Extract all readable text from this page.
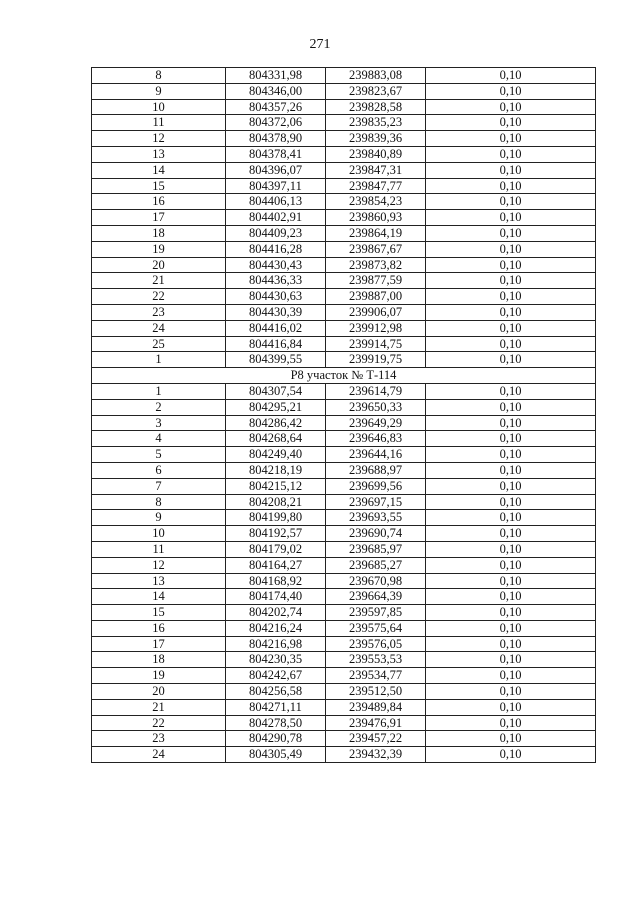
271
8	804331,98	239883,08	0,10
9	804346,00	239823,67	0,10
10	804357,26	239828,58	0,10
11	804372,06	239835,23	0,10
12	804378,90	239839,36	0,10
13	804378,41	239840,89	0,10
14	804396,07	239847,31	0,10
15	804397,11	239847,77	0,10
16	804406,13	239854,23	0,10
17	804402,91	239860,93	0,10
18	804409,23	239864,19	0,10
19	804416,28	239867,67	0,10
20	804430,43	239873,82	0,10
21	804436,33	239877,59	0,10
22	804430,63	239887,00	0,10
23	804430,39	239906,07	0,10
24	804416,02	239912,98	0,10
25	804416,84	239914,75	0,10
1	804399,55	239919,75	0,10
P8 участок № Т-114			
1	804307,54	239614,79	0,10
2	804295,21	239650,33	0,10
3	804286,42	239649,29	0,10
4	804268,64	239646,83	0,10
5	804249,40	239644,16	0,10
6	804218,19	239688,97	0,10
7	804215,12	239699,56	0,10
8	804208,21	239697,15	0,10
9	804199,80	239693,55	0,10
10	804192,57	239690,74	0,10
11	804179,02	239685,97	0,10
12	804164,27	239685,27	0,10
13	804168,92	239670,98	0,10
14	804174,40	239664,39	0,10
15	804202,74	239597,85	0,10
16	804216,24	239575,64	0,10
17	804216,98	239576,05	0,10
18	804230,35	239553,53	0,10
19	804242,67	239534,77	0,10
20	804256,58	239512,50	0,10
21	804271,11	239489,84	0,10
22	804278,50	239476,91	0,10
23	804290,78	239457,22	0,10
24	804305,49	239432,39	0,10
